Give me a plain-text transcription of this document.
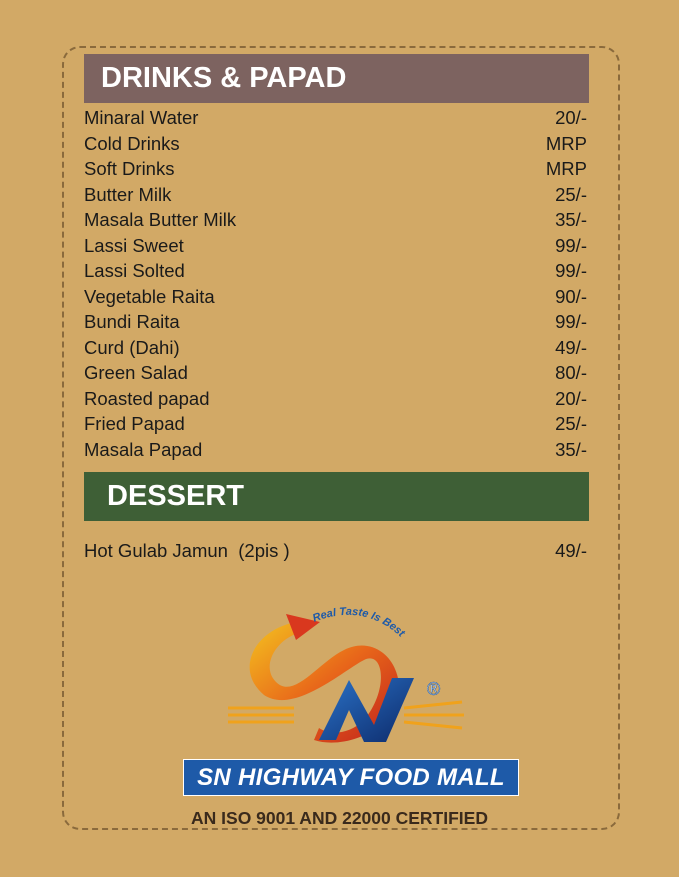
DRINKS & PAPAD
Minaral Water	20/-
Cold Drinks	MRP
Soft Drinks	MRP
Butter Milk	25/-
Masala Butter Milk	35/-
Lassi Sweet	99/-
Lassi Solted	99/-
Vegetable Raita	90/-
Bundi Raita	99/-
Curd (Dahi)	49/-
Green Salad	80/-
Roasted papad	20/-
Fried Papad	25/-
Masala Papad	35/-
DESSERT
Hot Gulab Jamun  (2pis )	49/-
Real Taste Is Best
®
SN HIGHWAY FOOD MALL
AN ISO 9001 AND 22000 CERTIFIED
